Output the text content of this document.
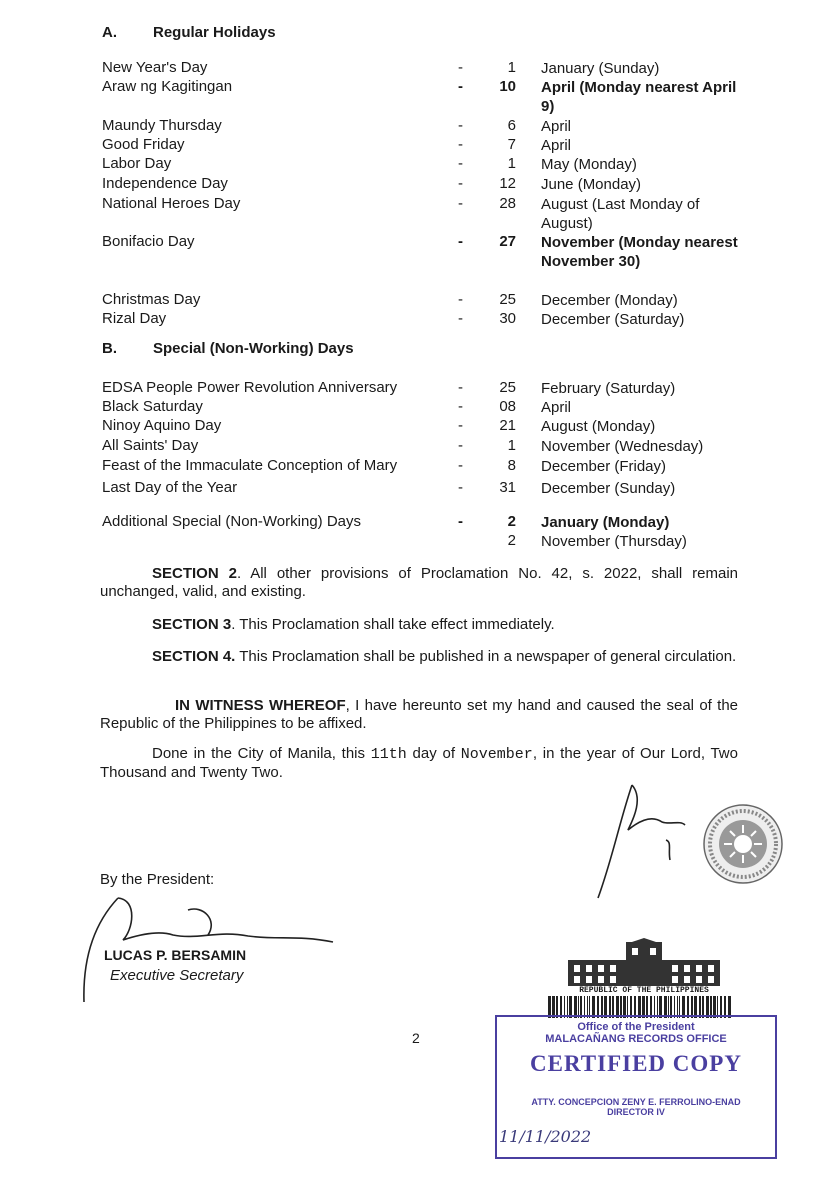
A. Regular Holidays
New Year's Day	-	1 January (Sunday)
Araw ng Kagitingan	-	10 April (Monday nearest April 9)
Maundy Thursday	-	6 April
Good Friday	-	7 April
Labor Day	-	1 May (Monday)
Independence Day	-	12 June (Monday)
National Heroes Day	-	28 August (Last Monday of August)
Bonifacio Day	-	27 November (Monday nearest November 30)
Christmas Day	-	25 December (Monday)
Rizal Day	-	30 December (Saturday)
B. Special (Non-Working) Days
EDSA People Power Revolution Anniversary	-	25 February (Saturday)
Black Saturday	-	08 April
Ninoy Aquino Day	-	21 August (Monday)
All Saints' Day	-	1 November (Wednesday)
Feast of the Immaculate Conception of Mary	-	8 December (Friday)
Last Day of the Year	-	31 December (Sunday)
Additional Special (Non-Working) Days	-	2 January (Monday)
2 November (Thursday)
SECTION 2. All other provisions of Proclamation No. 42, s. 2022, shall remain unchanged, valid, and existing.
SECTION 3. This Proclamation shall take effect immediately.
SECTION 4. This Proclamation shall be published in a newspaper of general circulation.
IN WITNESS WHEREOF, I have hereunto set my hand and caused the seal of the Republic of the Philippines to be affixed.
Done in the City of Manila, this 11th day of November, in the year of Our Lord, Two Thousand and Twenty Two.
By the President:
LUCAS P. BERSAMIN
Executive Secretary
2
REPUBLIC OF THE PHILIPPINES
Office of the President
MALACAÑANG RECORDS OFFICE
CERTIFIED COPY
ATTY. CONCEPCION ZENY E. FERROLINO-ENAD
DIRECTOR IV
11/11/2022
